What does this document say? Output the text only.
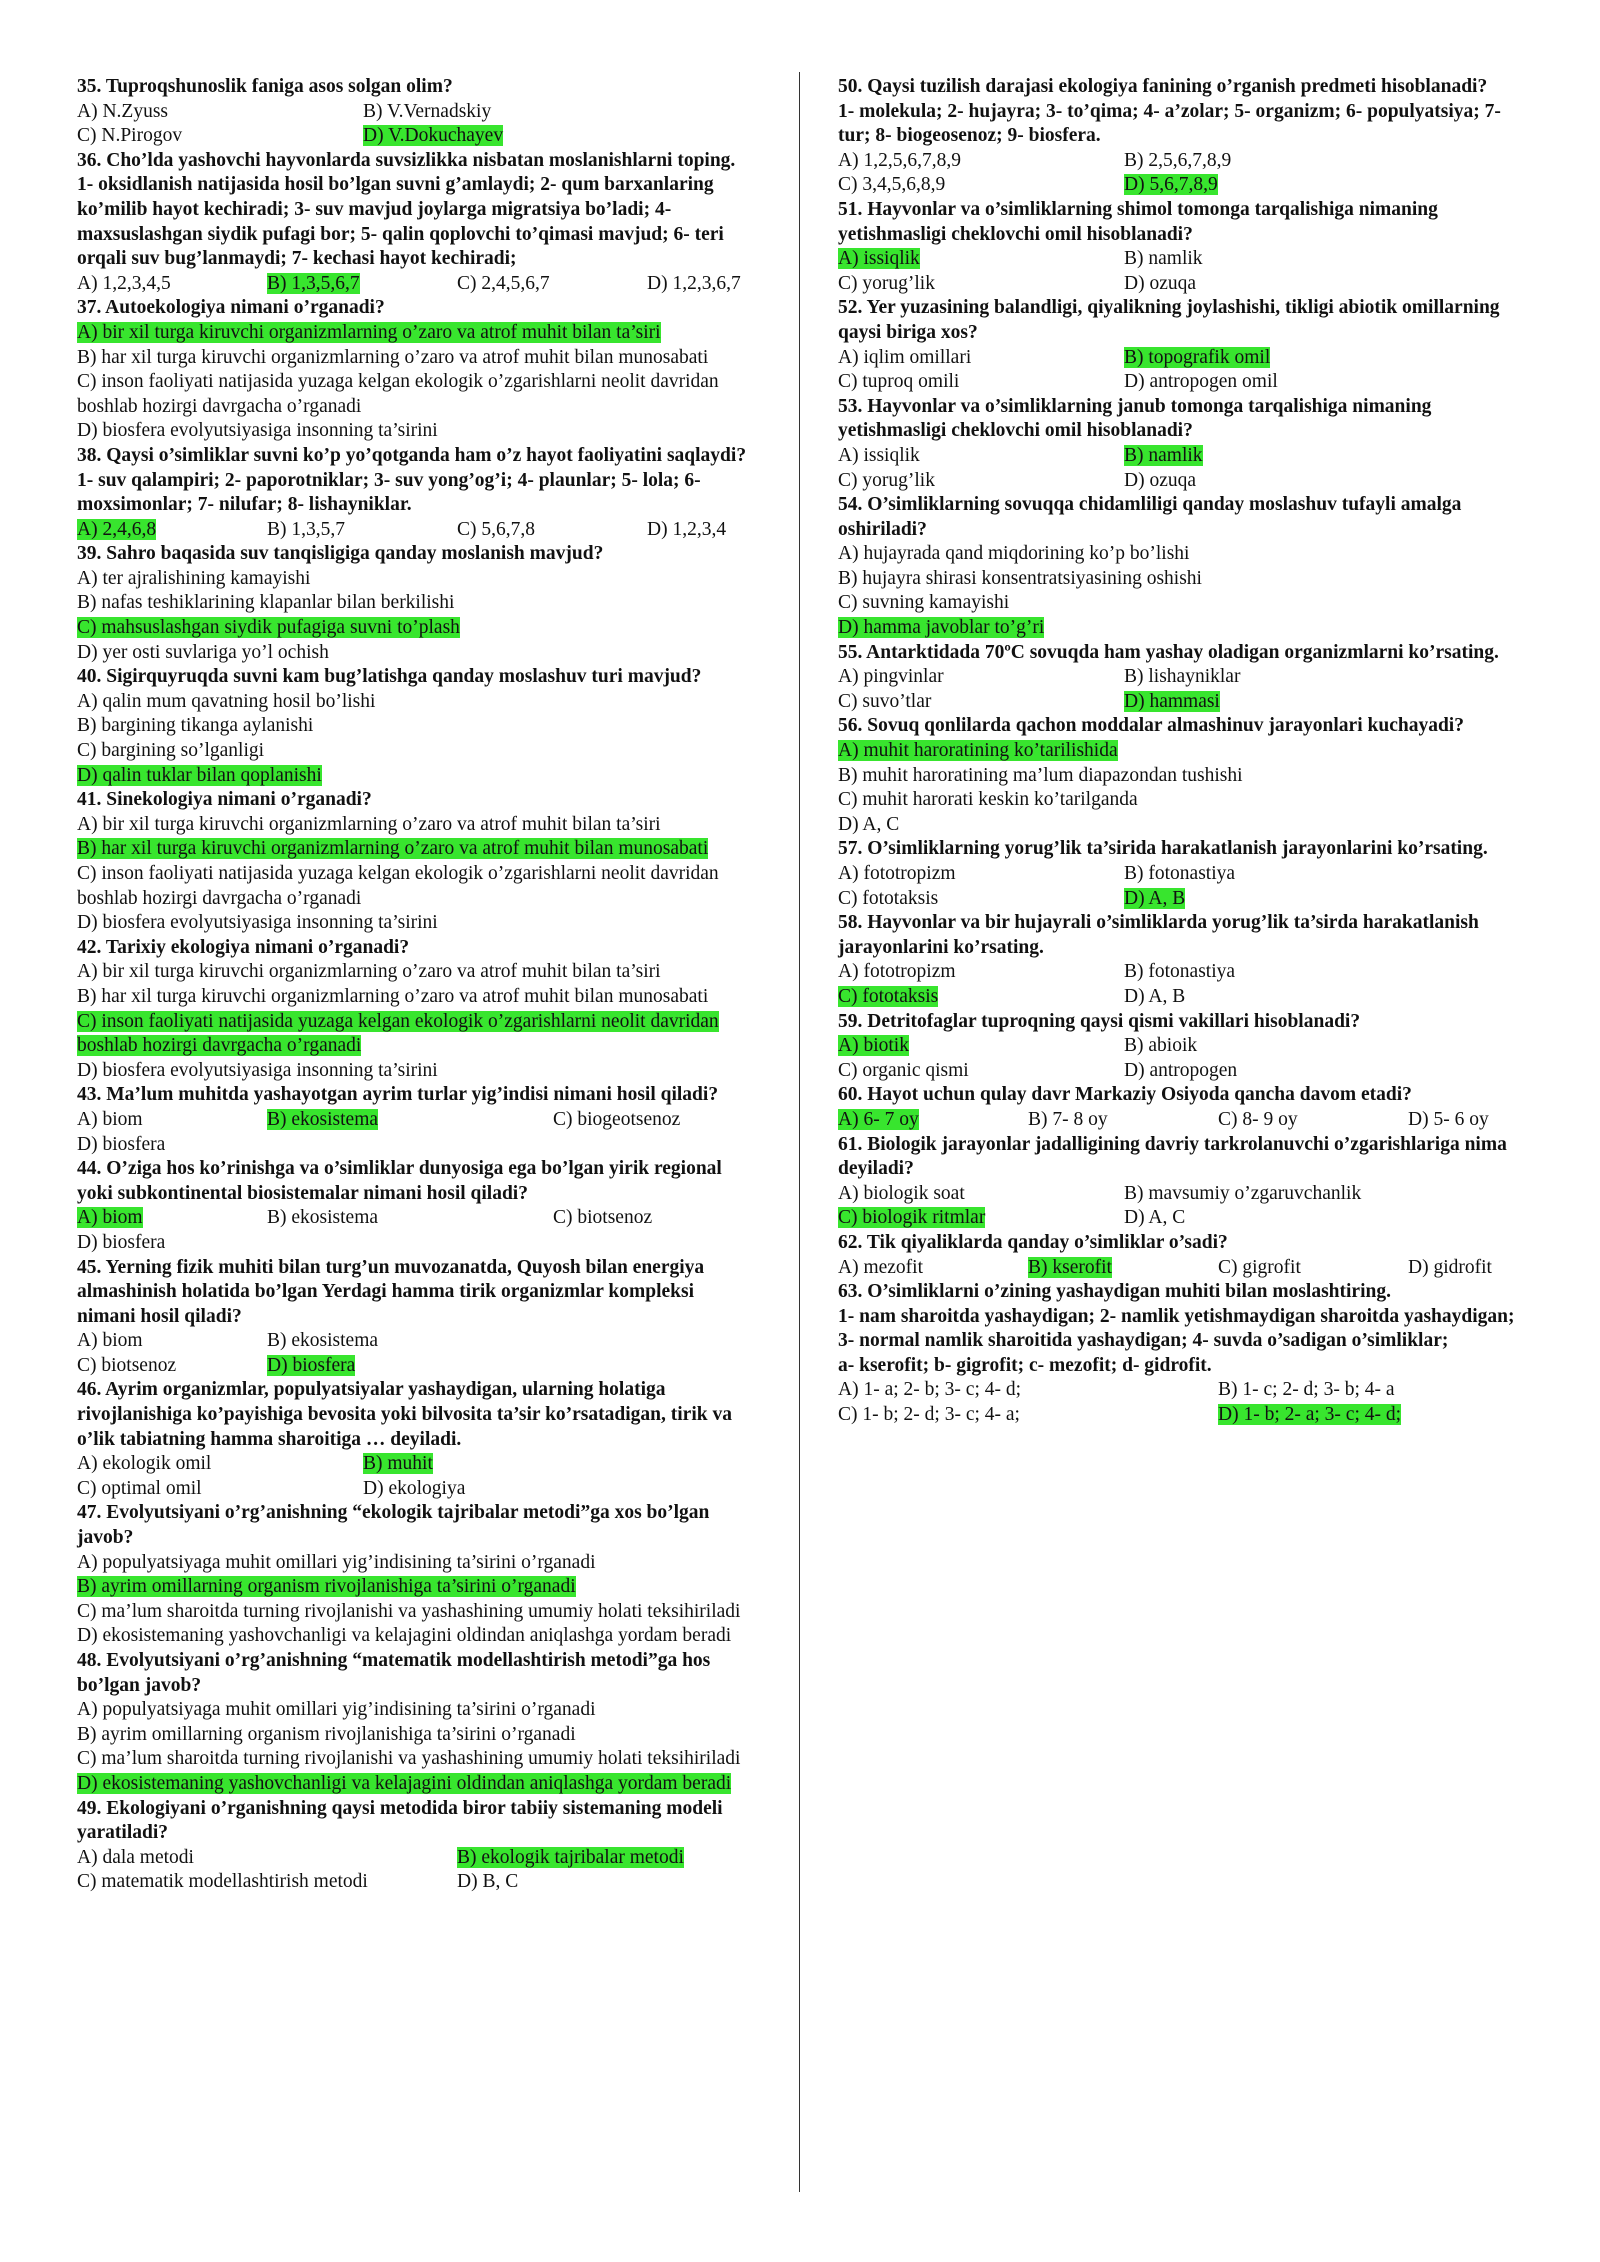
35. Tuproqshunoslik faniga asos solgan olim?

A) N.Zyuss	B) V.Vernadskiy
C) N.Pirogov	D) V.Dokuchayev

36. Cho’lda yashovchi hayvonlarda suvsizlikka nisbatan moslanishlarni toping.

1- oksidlanish natijasida hosil bo’lgan suvni g’amlaydi; 2- qum barxanlaring ko’milib hayot kechiradi; 3- suv mavjud joylarga migratsiya bo’ladi; 4- maxsuslashgan siydik pufagi bor; 5- qalin qoplovchi to’qimasi mavjud; 6- teri orqali suv bug’lanmaydi; 7- kechasi hayot kechiradi;

A) 1,2,3,4,5	B) 1,3,5,6,7	C) 2,4,5,6,7	D) 1,2,3,6,7

37. Autoekologiya nimani o’rganadi?

A) bir xil turga kiruvchi organizmlarning o’zaro va atrof muhit bilan ta’siri

B) har xil turga kiruvchi organizmlarning o’zaro va atrof muhit bilan munosabati

C) inson faoliyati natijasida yuzaga kelgan ekologik o’zgarishlarni neolit davridan boshlab hozirgi davrgacha o’rganadi

D) biosfera evolyutsiyasiga insonning ta’sirini

38. Qaysi o’simliklar suvni ko’p yo’qotganda ham o’z hayot faoliyatini saqlaydi?

1- suv qalampiri; 2- paporotniklar; 3- suv yong’og’i; 4- plaunlar; 5- lola; 6- moxsimonlar; 7- nilufar; 8- lishayniklar.

A) 2,4,6,8	B) 1,3,5,7	C) 5,6,7,8	D) 1,2,3,4

39. Sahro baqasida suv tanqisligiga qanday moslanish mavjud?

A) ter ajralishining kamayishi

B) nafas teshiklarining klapanlar bilan berkilishi

C) mahsuslashgan siydik pufagiga suvni to’plash

D) yer osti suvlariga yo’l ochish

40. Sigirquyruqda suvni kam bug’latishga qanday moslashuv turi mavjud?

A) qalin mum qavatning hosil bo’lishi

B) bargining tikanga aylanishi

C) bargining so’lganligi

D) qalin tuklar bilan qoplanishi

41. Sinekologiya nimani o’rganadi?

A) bir xil turga kiruvchi organizmlarning o’zaro va atrof muhit bilan ta’siri

B) har xil turga kiruvchi organizmlarning o’zaro va atrof muhit bilan munosabati

C) inson faoliyati natijasida yuzaga kelgan ekologik o’zgarishlarni neolit davridan boshlab hozirgi davrgacha o’rganadi

D) biosfera evolyutsiyasiga insonning ta’sirini

42. Tarixiy ekologiya nimani o’rganadi?

A) bir xil turga kiruvchi organizmlarning o’zaro va atrof muhit bilan ta’siri

B) har xil turga kiruvchi organizmlarning o’zaro va atrof muhit bilan munosabati

C) inson faoliyati natijasida yuzaga kelgan ekologik o’zgarishlarni neolit davridan boshlab hozirgi davrgacha o’rganadi

D) biosfera evolyutsiyasiga insonning ta’sirini

43. Ma’lum muhitda yashayotgan ayrim turlar yig’indisi nimani hosil qiladi?

A) biom	B) ekosistema	C) biogeotsenoz

D) biosfera

44. O’ziga hos ko’rinishga va o’simliklar dunyosiga ega bo’lgan yirik regional yoki subkontinental biosistemalar nimani hosil qiladi?

A) biom	B) ekosistema	C) biotsenoz

D) biosfera

45. Yerning fizik muhiti bilan turg’un muvozanatda, Quyosh bilan energiya almashinish holatida bo’lgan Yerdagi hamma tirik organizmlar kompleksi nimani hosil qiladi?

A) biom	B) ekosistema
C) biotsenoz	D) biosfera

46. Ayrim organizmlar, populyatsiyalar yashaydigan, ularning holatiga rivojlanishiga ko’payishiga bevosita yoki bilvosita ta’sir ko’rsatadigan, tirik va o’lik tabiatning hamma sharoitiga … deyiladi.

A) ekologik omil	B) muhit
C) optimal omil	D) ekologiya

47. Evolyutsiyani o’rg’anishning “ekologik tajribalar metodi”ga xos bo’lgan javob?

A) populyatsiyaga muhit omillari yig’indisining ta’sirini o’rganadi

B) ayrim omillarning organism rivojlanishiga ta’sirini o’rganadi

C) ma’lum sharoitda turning rivojlanishi va yashashining umumiy holati teksihiriladi

D) ekosistemaning yashovchanligi va kelajagini oldindan aniqlashga yordam beradi

48. Evolyutsiyani o’rg’anishning “matematik modellashtirish metodi”ga hos bo’lgan javob?

A) populyatsiyaga muhit omillari yig’indisining ta’sirini o’rganadi

B) ayrim omillarning organism rivojlanishiga ta’sirini o’rganadi

C) ma’lum sharoitda turning rivojlanishi va yashashining umumiy holati teksihiriladi

D) ekosistemaning yashovchanligi va kelajagini oldindan aniqlashga yordam beradi

49. Ekologiyani o’rganishning qaysi metodida biror tabiiy sistemaning modeli yaratiladi?

A) dala metodi	B) ekologik tajribalar metodi
C) matematik modellashtirish metodi	D) B, C

50. Qaysi tuzilish darajasi ekologiya fanining o’rganish predmeti hisoblanadi?

1- molekula; 2- hujayra; 3- to’qima; 4- a’zolar; 5- organizm; 6- populyatsiya; 7- tur; 8- biogeosenoz; 9- biosfera.

A) 1,2,5,6,7,8,9	B) 2,5,6,7,8,9
C) 3,4,5,6,8,9	D) 5,6,7,8,9

51. Hayvonlar va o’simliklarning shimol tomonga tarqalishiga nimaning yetishmasligi cheklovchi omil hisoblanadi?

A) issiqlik	B) namlik
C) yorug’lik	D) ozuqa

52. Yer yuzasining balandligi, qiyalikning joylashishi, tikligi abiotik omillarning qaysi biriga xos?

A) iqlim omillari	B) topografik omil
C) tuproq omili	D) antropogen omil

53. Hayvonlar va o’simliklarning janub tomonga tarqalishiga nimaning yetishmasligi cheklovchi omil hisoblanadi?

A) issiqlik	B) namlik
C) yorug’lik	D) ozuqa

54. O’simliklarning sovuqqa chidamliligi qanday moslashuv tufayli amalga oshiriladi?

A) hujayrada qand miqdorining ko’p bo’lishi

B) hujayra shirasi konsentratsiyasining oshishi

C) suvning kamayishi

D) hamma javoblar to’g’ri

55. Antarktidada 70ºC sovuqda ham yashay oladigan organizmlarni ko’rsating.

A) pingvinlar	B) lishayniklar
C) suvo’tlar	D) hammasi

56. Sovuq qonlilarda qachon moddalar almashinuv jarayonlari kuchayadi?

A) muhit haroratining ko’tarilishida

B) muhit haroratining ma’lum diapazondan tushishi

C) muhit harorati keskin ko’tarilganda

D) A, C

57. O’simliklarning yorug’lik ta’sirida harakatlanish jarayonlarini ko’rsating.

A) fototropizm	B) fotonastiya
C) fototaksis	D) A, B

58. Hayvonlar va bir hujayrali o’simliklarda yorug’lik ta’sirda harakatlanish jarayonlarini ko’rsating.

A) fototropizm	B) fotonastiya
C) fototaksis	D) A, B

59. Detritofaglar tuproqning qaysi qismi vakillari hisoblanadi?

A) biotik	B) abioik
C) organic qismi	D) antropogen

60. Hayot uchun qulay davr Markaziy Osiyoda qancha davom etadi?

A) 6- 7 oy	B) 7- 8 oy	C) 8- 9 oy	D) 5- 6 oy

61. Biologik jarayonlar jadalligining davriy tarkrolanuvchi o’zgarishlariga nima deyiladi?

A) biologik soat	B) mavsumiy o’zgaruvchanlik
C) biologik ritmlar	D) A, C

62. Tik qiyaliklarda qanday o’simliklar o’sadi?

A) mezofit	B) kserofit	C) gigrofit	D) gidrofit

63. O’simliklarni o’zining yashaydigan muhiti bilan moslashtiring.

1- nam sharoitda yashaydigan; 2- namlik yetishmaydigan sharoitda yashaydigan; 3- normal namlik sharoitida yashaydigan; 4- suvda o’sadigan o’simliklar;

a- kserofit; b- gigrofit; c- mezofit; d- gidrofit.

A) 1- a; 2- b; 3- c; 4- d;	B) 1- c; 2- d; 3- b; 4- a
C) 1- b; 2- d; 3- c; 4- a;	D) 1- b; 2- a; 3- c; 4- d;
